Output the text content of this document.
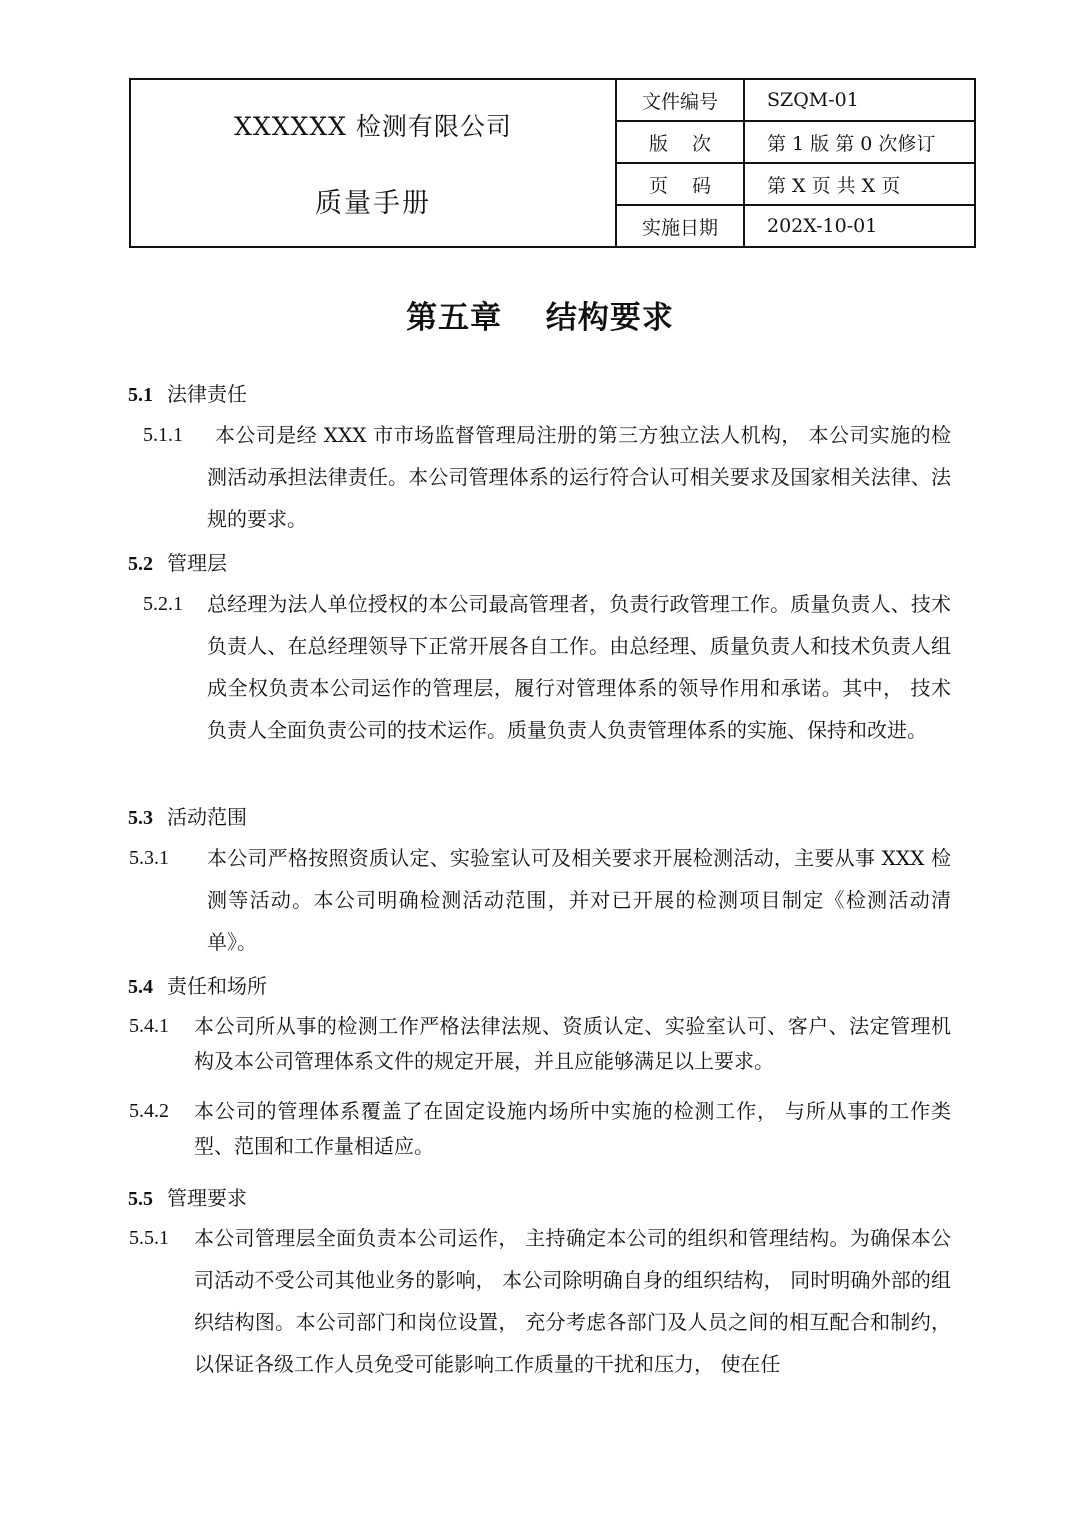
XXXXXX 检测有限公司
质量手册
文件编号	SZQM-01
版次	第 1 版 第 0 次修订
页码	第 X 页 共 X 页
实施日期	202X-10-01
第五章　 结构要求
5.1 法律责任
5.1.1	本公司是经 XXX 市市场监督管理局注册的第三方独立法人机构， 本公司实施的检测活动承担法律责任。本公司管理体系的运行符合认可相关要求及国家相关法律、法规的要求。
5.2 管理层
5.2.1 总经理为法人单位授权的本公司最高管理者，负责行政管理工作。质量负责人、技术负责人、在总经理领导下正常开展各自工作。由总经理、质量负责人和技术负责人组成全权负责本公司运作的管理层，履行对管理体系的领导作用和承诺。其中， 技术负责人全面负责公司的技术运作。质量负责人负责管理体系的实施、保持和改进。
5.3 活动范围
5.3.1 本公司严格按照资质认定、实验室认可及相关要求开展检测活动，主要从事 XXX 检测等活动。本公司明确检测活动范围，并对已开展的检测项目制定《检测活动清单》。
5.4 责任和场所
5.4.1 本公司所从事的检测工作严格法律法规、资质认定、实验室认可、客户、法定管理机构及本公司管理体系文件的规定开展，并且应能够满足以上要求。
5.4.2 本公司的管理体系覆盖了在固定设施内场所中实施的检测工作， 与所从事的工作类型、范围和工作量相适应。
5.5 管理要求
5.5.1 本公司管理层全面负责本公司运作， 主持确定本公司的组织和管理结构。为确保本公司活动不受公司其他业务的影响， 本公司除明确自身的组织结构， 同时明确外部的组织结构图。本公司部门和岗位设置， 充分考虑各部门及人员之间的相互配合和制约， 以保证各级工作人员免受可能影响工作质量的干扰和压力， 使在任
